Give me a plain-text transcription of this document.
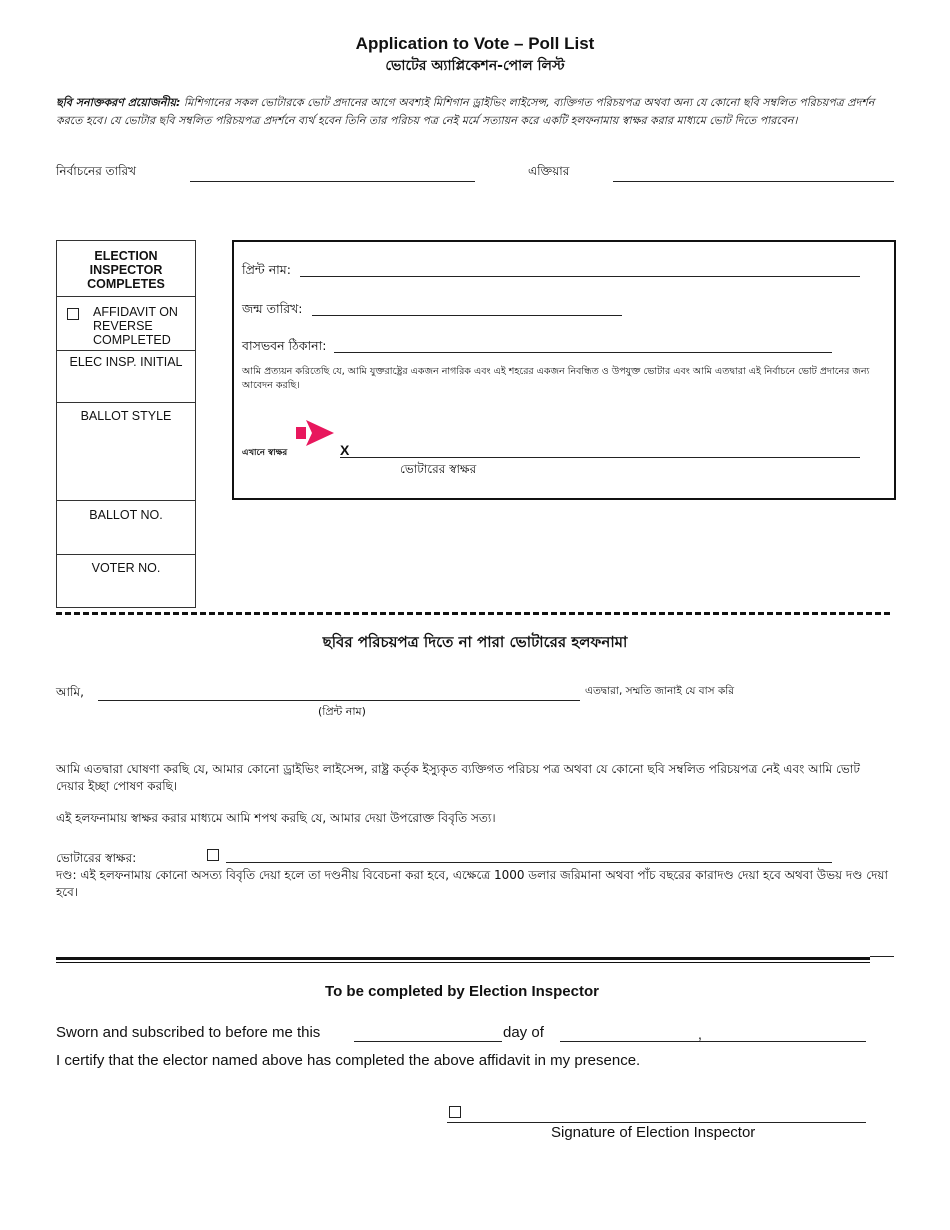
Application to Vote – Poll List
ভোটের অ্যাপ্লিকেশন-পোল লিস্ট
ছবি সনাক্তকরণ প্রয়োজনীয়: মিশিগানের সকল ভোটারকে ভোট প্রদানের আগে অবশ্যই মিশিগান ড্রাইভিং লাইসেন্স, ব্যক্তিগত পরিচয়পত্র অথবা অন্য যে কোনো ছবি সম্বলিত পরিচয়পত্র প্রদর্শন করতে হবে। যে ভোটার ছবি সম্বলিত পরিচয়পত্র প্রদর্শনে ব্যর্থ হবেন তিনি তার পরিচয় পত্র নেই মর্মে সত্যায়ন করে একটি হলফনামায় স্বাক্ষর করার মাধ্যমে ভোট দিতে পারবেন।
নির্বাচনের তারিখ	এক্তিয়ার
ELECTION INSPECTOR COMPLETES
AFFIDAVIT ON REVERSE COMPLETED
ELEC INSP. INITIAL
BALLOT STYLE
BALLOT NO.
VOTER NO.
প্রিন্ট নাম:
জন্ম তারিখ:
বাসভবন ঠিকানা:
আমি প্রত্যয়ন করিতেছি যে, আমি যুক্তরাষ্ট্রের একজন নাগরিক এবং এই শহরের একজন নিবন্ধিত ও উপযুক্ত ভোটার এবং আমি এতদ্বারা এই নির্বাচনে ভোট প্রদানের জন্য আবেদন করছি।
এখানে স্বাক্ষর	X
ভোটারের স্বাক্ষর
ছবির পরিচয়পত্র দিতে না পারা ভোটারের হলফনামা
আমি,	এতদ্বারা, সম্মতি জানাই যে বাস করি
(প্রিন্ট নাম)
আমি এতদ্বারা ঘোষণা করছি যে, আমার কোনো ড্রাইভিং লাইসেন্স, রাষ্ট্র কর্তৃক ইস্যুকৃত ব্যক্তিগত পরিচয় পত্র অথবা যে কোনো ছবি সম্বলিত পরিচয়পত্র নেই এবং আমি ভোট দেয়ার ইচ্ছা পোষণ করছি।
এই হলফনামায় স্বাক্ষর করার মাধ্যমে আমি শপথ করছি যে, আমার দেয়া উপরোক্ত বিবৃতি সত্য।
ভোটারের স্বাক্ষর:
দণ্ড: এই হলফনামায় কোনো অসত্য বিবৃতি দেয়া হলে তা দণ্ডনীয় বিবেচনা করা হবে, এক্ষেত্রে 1000 ডলার জরিমানা অথবা পাঁচ বছরের কারাদণ্ড দেয়া হবে অথবা উভয় দণ্ড দেয়া হবে।
To be completed by Election Inspector
Sworn and subscribed to before me this	day of	,
I certify that the elector named above has completed the above affidavit in my presence.
Signature of Election Inspector
